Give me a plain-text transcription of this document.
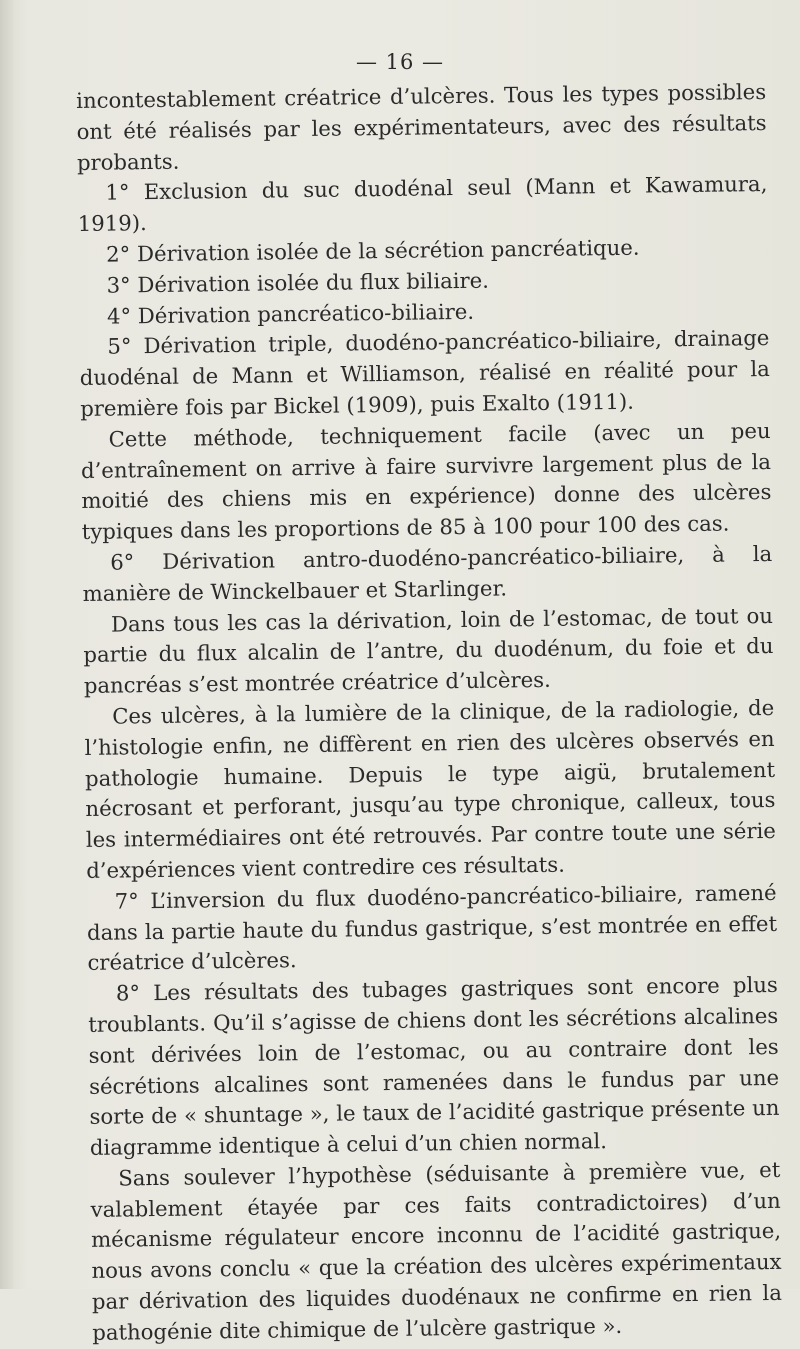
— 16 —

incontestablement créatrice d’ulcères. Tous les types possibles ont été réalisés par les expérimentateurs, avec des résultats probants.

1° Exclusion du suc duodénal seul (Mann et Kawamura, 1919).

2° Dérivation isolée de la sécrétion pancréatique.

3° Dérivation isolée du flux biliaire.

4° Dérivation pancréatico-biliaire.

5° Dérivation triple, duodéno-pancréatico-biliaire, drainage duodénal de Mann et Williamson, réalisé en réalité pour la première fois par Bickel (1909), puis Exalto (1911).

Cette méthode, techniquement facile (avec un peu d’entraînement on arrive à faire survivre largement plus de la moitié des chiens mis en expérience) donne des ulcères typiques dans les proportions de 85 à 100 pour 100 des cas.

6° Dérivation antro-duodéno-pancréatico-biliaire, à la manière de Winckelbauer et Starlinger.

Dans tous les cas la dérivation, loin de l’estomac, de tout ou partie du flux alcalin de l’antre, du duodénum, du foie et du pancréas s’est montrée créatrice d’ulcères.

Ces ulcères, à la lumière de la clinique, de la radiologie, de l’histologie enfin, ne diffèrent en rien des ulcères observés en pathologie humaine. Depuis le type aigü, brutalement nécrosant et perforant, jusqu’au type chronique, calleux, tous les intermédiaires ont été retrouvés. Par contre toute une série d’expériences vient contredire ces résultats.

7° L’inversion du flux duodéno-pancréatico-biliaire, ramené dans la partie haute du fundus gastrique, s’est montrée en effet créatrice d’ulcères.

8° Les résultats des tubages gastriques sont encore plus troublants. Qu’il s’agisse de chiens dont les sécrétions alcalines sont dérivées loin de l’estomac, ou au contraire dont les sécrétions alcalines sont ramenées dans le fundus par une sorte de « shuntage », le taux de l’acidité gastrique présente un diagramme identique à celui d’un chien normal.

Sans soulever l’hypothèse (séduisante à première vue, et valablement étayée par ces faits contradictoires) d’un mécanisme régulateur encore inconnu de l’acidité gastrique, nous avons conclu « que la création des ulcères expérimentaux par dérivation des liquides duodénaux ne confirme en rien la pathogénie dite chimique de l’ulcère gastrique ».
